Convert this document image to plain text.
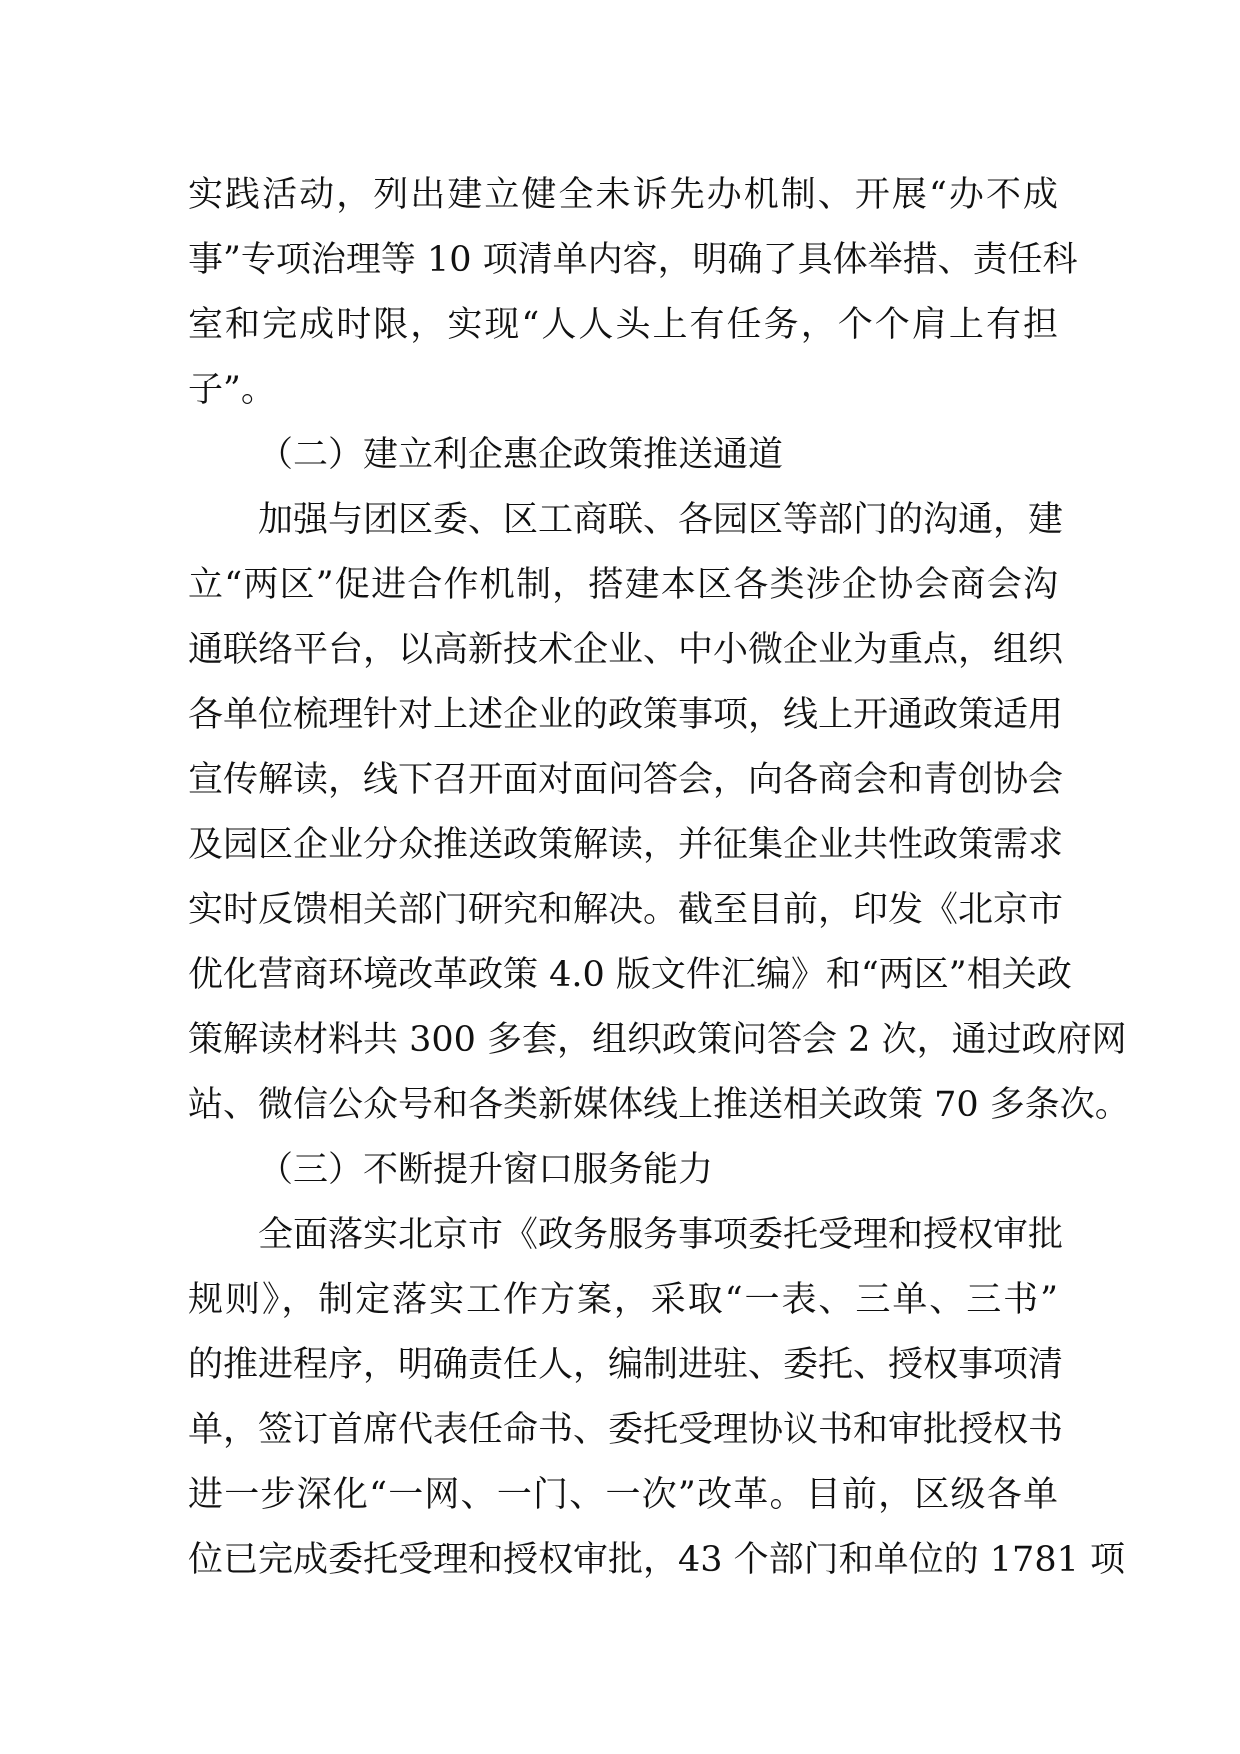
实践活动，列出建立健全未诉先办机制、开展“办不成
事”专项治理等 10 项清单内容，明确了具体举措、责任科
室和完成时限，实现“人人头上有任务，个个肩上有担
子”。
（二）建立利企惠企政策推送通道
加强与团区委、区工商联、各园区等部门的沟通，建
立“两区”促进合作机制，搭建本区各类涉企协会商会沟
通联络平台，以高新技术企业、中小微企业为重点，组织
各单位梳理针对上述企业的政策事项，线上开通政策适用
宣传解读，线下召开面对面问答会，向各商会和青创协会
及园区企业分众推送政策解读，并征集企业共性政策需求
实时反馈相关部门研究和解决。截至目前，印发《北京市
优化营商环境改革政策 4.0 版文件汇编》和“两区”相关政
策解读材料共 300 多套，组织政策问答会 2 次，通过政府网
站、微信公众号和各类新媒体线上推送相关政策 70 多条次。
（三）不断提升窗口服务能力
全面落实北京市《政务服务事项委托受理和授权审批
规则》，制定落实工作方案，采取“一表、三单、三书”
的推进程序，明确责任人，编制进驻、委托、授权事项清
单，签订首席代表任命书、委托受理协议书和审批授权书
进一步深化“一网、一门、一次”改革。目前，区级各单
位已完成委托受理和授权审批，43 个部门和单位的 1781 项
